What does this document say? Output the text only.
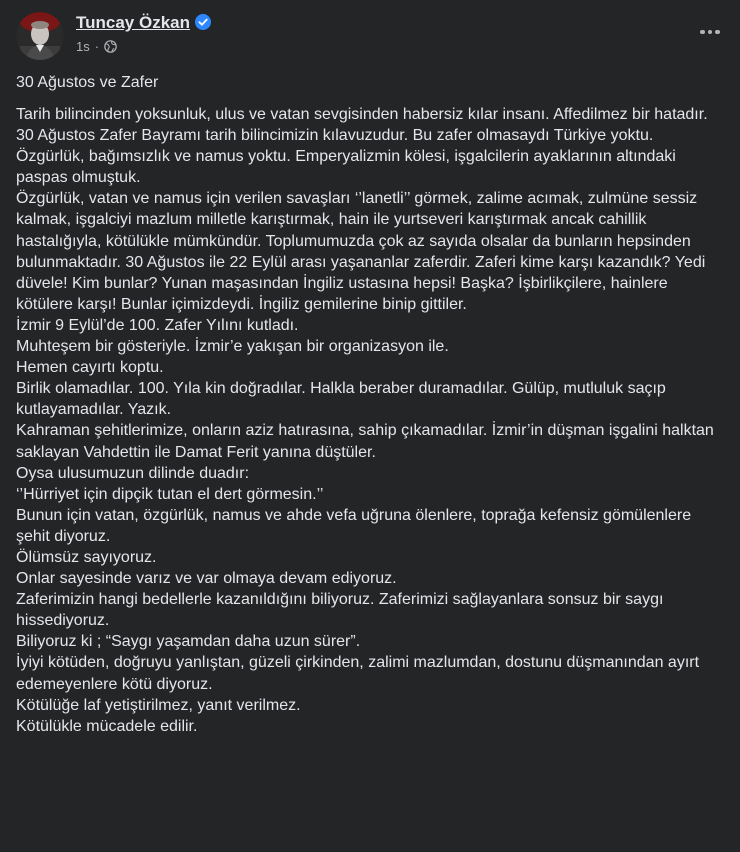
Tuncay Özkan
1s ·
30 Ağustos ve Zafer
Tarih bilincinden yoksunluk, ulus ve vatan sevgisinden habersiz kılar insanı. Affedilmez bir hatadır.
30 Ağustos Zafer Bayramı tarih bilincimizin kılavuzudur. Bu zafer olmasaydı Türkiye yoktu. Özgürlük, bağımsızlık ve namus yoktu. Emperyalizmin kölesi, işgalcilerin ayaklarının altındaki paspas olmuştuk.
Özgürlük, vatan ve namus için verilen savaşları ‘’lanetli’’ görmek, zalime acımak, zulmüne sessiz kalmak, işgalciyi mazlum milletle karıştırmak, hain ile yurtseveri karıştırmak ancak cahillik hastalığıyla, kötülükle mümkündür. Toplumumuzda çok az sayıda olsalar da bunların hepsinden bulunmaktadır. 30 Ağustos ile 22 Eylül arası yaşananlar zaferdir. Zaferi kime karşı kazandık? Yedi düvele! Kim bunlar? Yunan maşasından İngiliz ustasına hepsi! Başka? İşbirlikçilere, hainlere kötülere karşı! Bunlar içimizdeydi. İngiliz gemilerine binip gittiler.
İzmir 9 Eylül’de 100. Zafer Yılını kutladı.
Muhteşem bir gösteriyle. İzmir’e yakışan bir organizasyon ile.
Hemen cayırtı koptu.
Birlik olamadılar. 100. Yıla kin doğradılar. Halkla beraber duramadılar. Gülüp, mutluluk saçıp kutlayamadılar. Yazık.
Kahraman şehitlerimize, onların aziz hatırasına, sahip çıkamadılar. İzmir’in düşman işgalini halktan saklayan Vahdettin ile Damat Ferit yanına düştüler.
Oysa ulusumuzun dilinde duadır:
‘’Hürriyet için dipçik tutan el dert görmesin.’’
Bunun için vatan, özgürlük, namus ve ahde vefa uğruna ölenlere, toprağa kefensiz gömülenlere şehit diyoruz.
Ölümsüz sayıyoruz.
Onlar sayesinde varız ve var olmaya devam ediyoruz.
Zaferimizin hangi bedellerle kazanıldığını biliyoruz. Zaferimizi sağlayanlara sonsuz bir saygı hissediyoruz.
Biliyoruz ki ; “Saygı yaşamdan daha uzun sürer”.
İyiyi kötüden, doğruyu yanlıştan, güzeli çirkinden, zalimi mazlumdan, dostunu düşmanından ayırt edemeyenlere kötü diyoruz.
Kötülüğe laf yetiştirilmez, yanıt verilmez.
Kötülükle mücadele edilir.
